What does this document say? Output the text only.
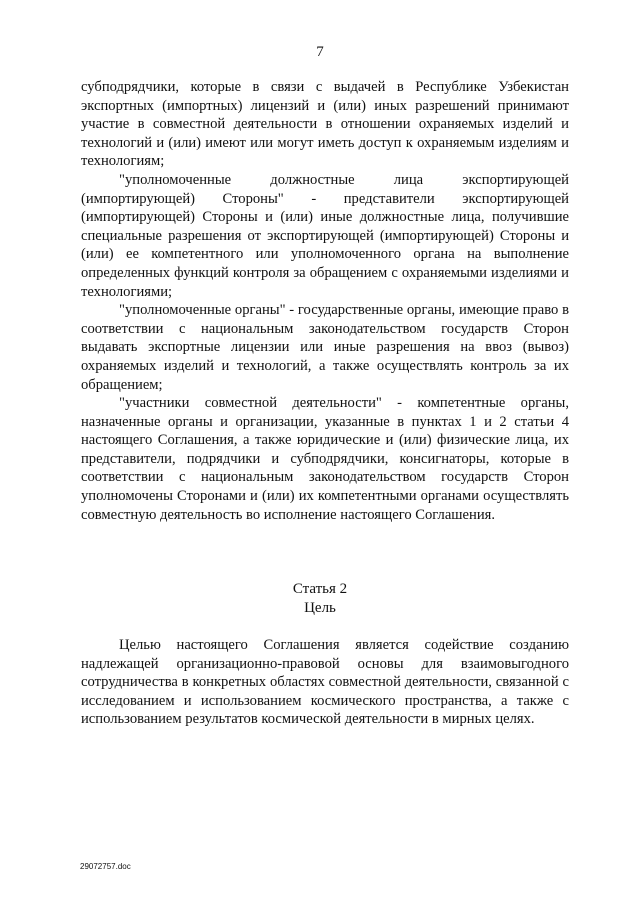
7

субподрядчики, которые в связи с выдачей в Республике Узбекистан экспортных (импортных) лицензий и (или) иных разрешений принимают участие в совместной деятельности в отношении охраняемых изделий и технологий и (или) имеют или могут иметь доступ к охраняемым изделиям и технологиям;

"уполномоченные должностные лица экспортирующей (импортирующей) Стороны" - представители экспортирующей (импортирующей) Стороны и (или) иные должностные лица, получившие специальные разрешения от экспортирующей (импортирующей) Стороны и (или) ее компетентного или уполномоченного органа на выполнение определенных функций контроля за обращением с охраняемыми изделиями и технологиями;

"уполномоченные органы" - государственные органы, имеющие право в соответствии с национальным законодательством государств Сторон выдавать экспортные лицензии или иные разрешения на ввоз (вывоз) охраняемых изделий и технологий, а также осуществлять контроль за их обращением;

"участники совместной деятельности" - компетентные органы, назначенные органы и организации, указанные в пунктах 1 и 2 статьи 4 настоящего Соглашения, а также юридические и (или) физические лица, их представители, подрядчики и субподрядчики, консигнаторы, которые в соответствии с национальным законодательством государств Сторон уполномочены Сторонами и (или) их компетентными органами осуществлять совместную деятельность во исполнение настоящего Соглашения.

Статья 2
Цель

Целью настоящего Соглашения является содействие созданию надлежащей организационно-правовой основы для взаимовыгодного сотрудничества в конкретных областях совместной деятельности, связанной с исследованием и использованием космического пространства, а также с использованием результатов космической деятельности в мирных целях.

29072757.doc
